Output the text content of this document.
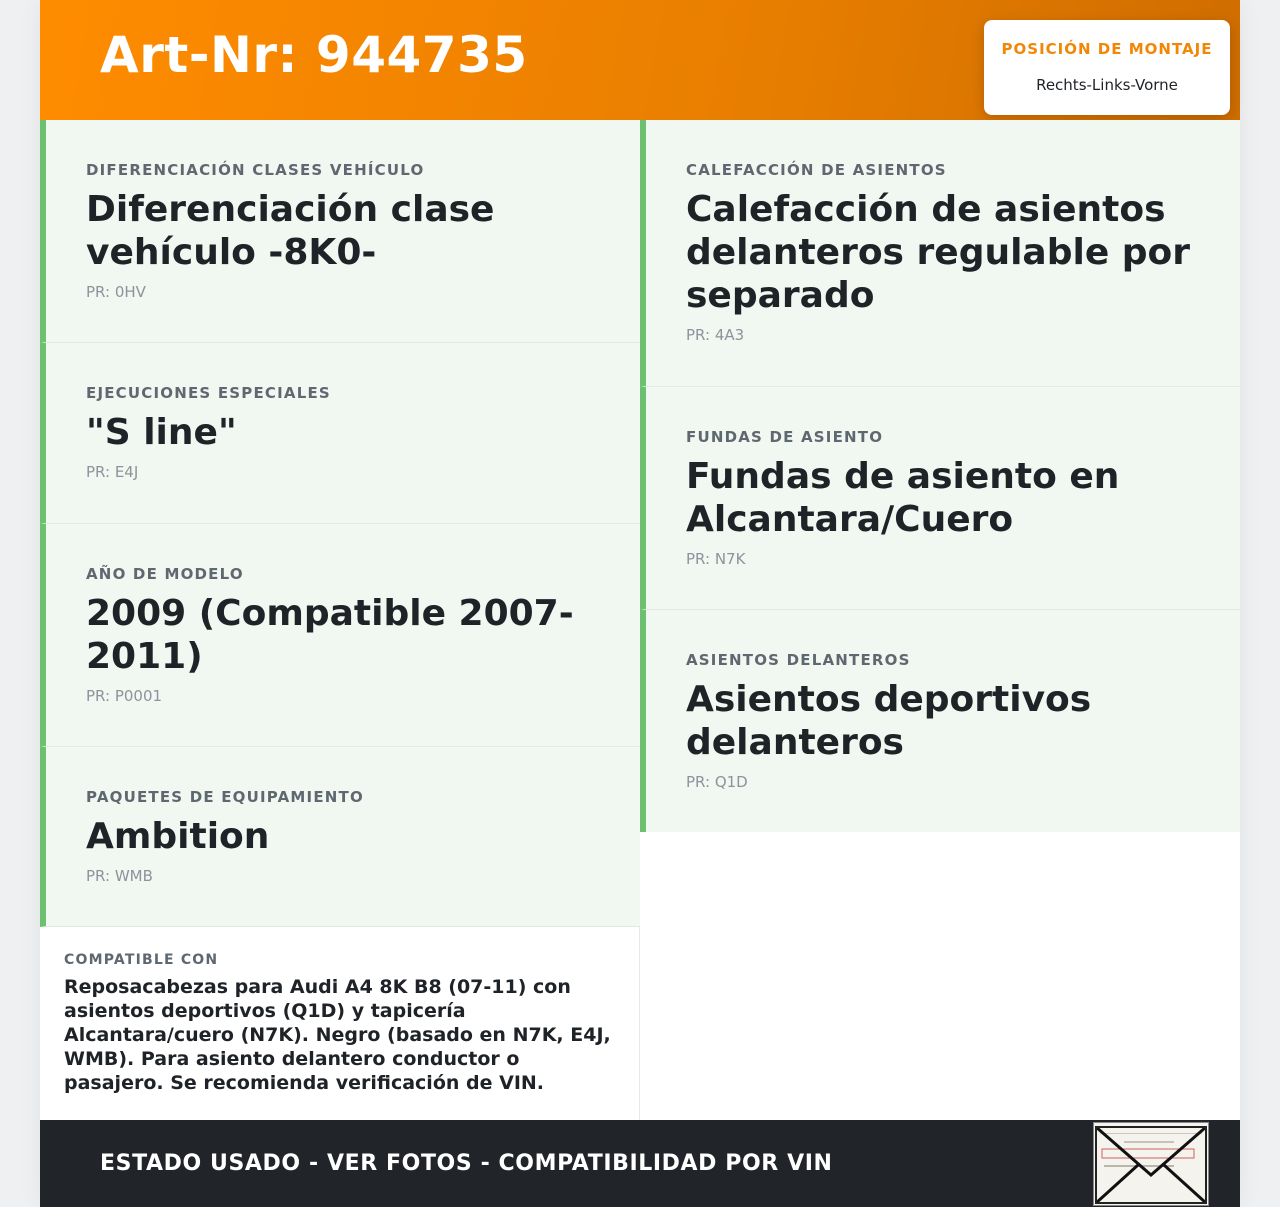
Art-Nr: 944735	POSICIÓN DE MONTAJE
Rechts-Links-Vorne
DIFERENCIACIÓN CLASES VEHÍCULO
Diferenciación clase vehículo -8K0-
PR: 0HV
EJECUCIONES ESPECIALES
"S line"
PR: E4J
AÑO DE MODELO
2009 (Compatible 2007-2011)
PR: P0001
PAQUETES DE EQUIPAMIENTO
Ambition
PR: WMB
CALEFACCIÓN DE ASIENTOS
Calefacción de asientos delanteros regulable por separado
PR: 4A3
FUNDAS DE ASIENTO
Fundas de asiento en Alcantara/Cuero
PR: N7K
ASIENTOS DELANTEROS
Asientos deportivos delanteros
PR: Q1D
COMPATIBLE CON
Reposacabezas para Audi A4 8K B8 (07-11) con asientos deportivos (Q1D) y tapicería Alcantara/cuero (N7K). Negro (basado en N7K, E4J, WMB). Para asiento delantero conductor o pasajero. Se recomienda verificación de VIN.
ESTADO USADO - VER FOTOS - COMPATIBILIDAD POR VIN
